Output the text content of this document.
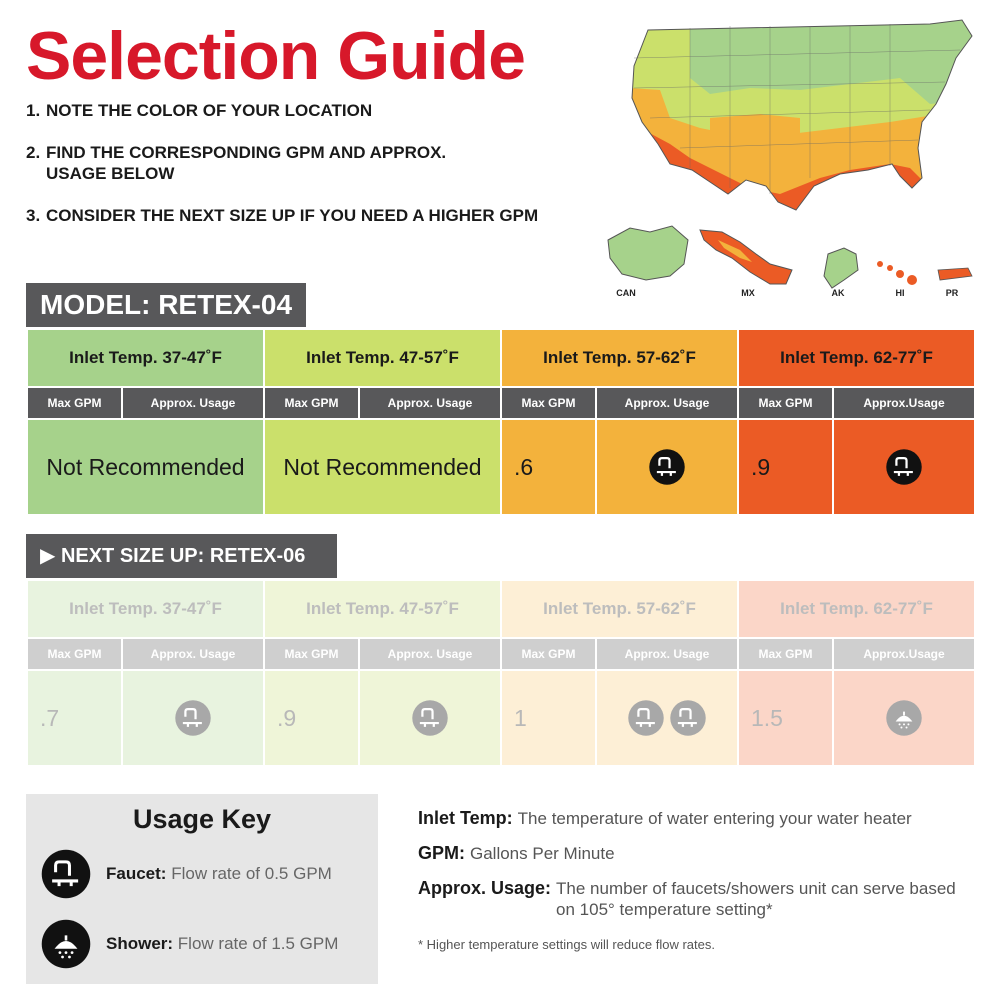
Selection Guide
1. NOTE THE COLOR OF YOUR LOCATION
2. FIND THE CORRESPONDING GPM AND APPROX. USAGE BELOW
3. CONSIDER THE NEXT SIZE UP IF YOU NEED A HIGHER GPM
CAN	MX	AK	HI	PR
MODEL: RETEX-04
Inlet Temp. 37-47˚F		Inlet Temp. 47-57˚F		Inlet Temp. 57-62˚F		Inlet Temp. 62-77˚F	
Max GPM	Approx. Usage	Max GPM	Approx. Usage	Max GPM	Approx. Usage	Max GPM	Approx.Usage
Not Recommended		Not Recommended		.6		.9	
▶ NEXT SIZE UP: RETEX-06
Inlet Temp. 37-47˚F		Inlet Temp. 47-57˚F		Inlet Temp. 57-62˚F		Inlet Temp. 62-77˚F	
Max GPM	Approx. Usage	Max GPM	Approx. Usage	Max GPM	Approx. Usage	Max GPM	Approx.Usage
.7		.9		1		1.5	
Usage Key
Faucet: Flow rate of 0.5 GPM
Shower: Flow rate of 1.5 GPM
Inlet Temp: The temperature of water entering your water heater
GPM: Gallons Per Minute
Approx. Usage: The number of faucets/showers unit can serve based on 105° temperature setting*
* Higher temperature settings will reduce flow rates.
